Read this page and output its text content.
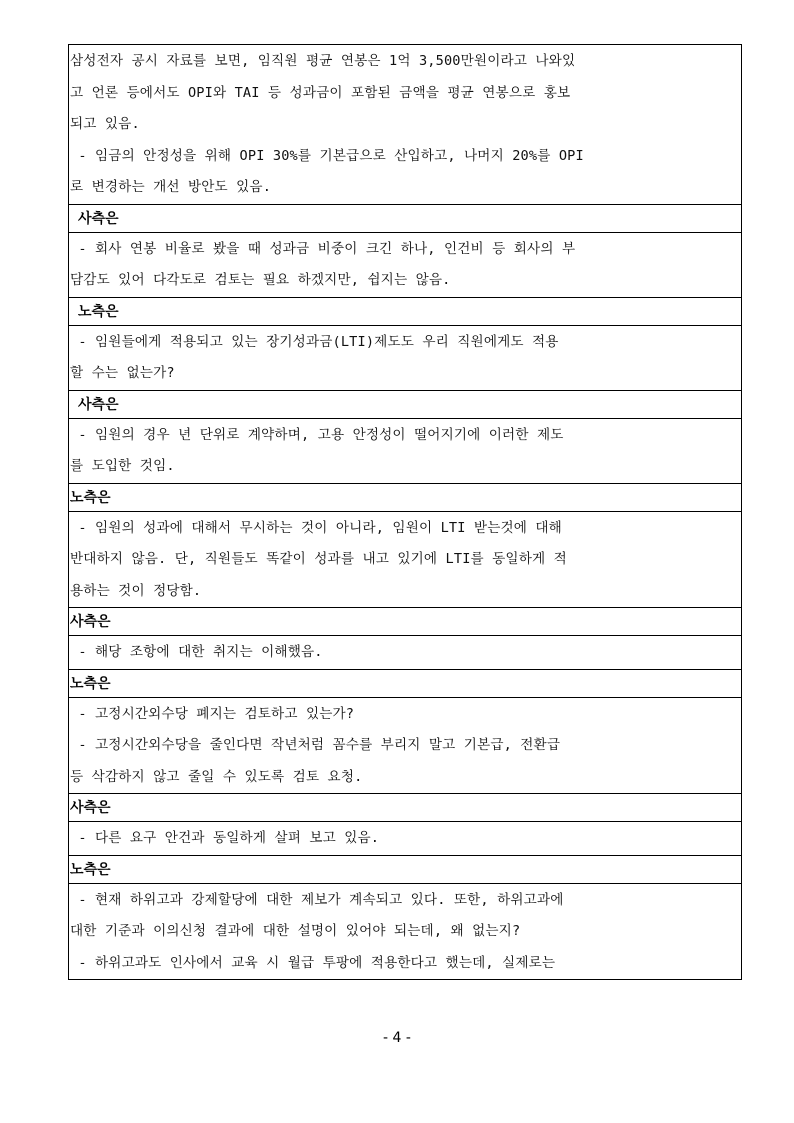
삼성전자 공시 자료를 보면, 임직원 평균 연봉은 1억 3,500만원이라고 나와있
고 언론 등에서도 OPI와 TAI 등 성과금이 포함된 금액을 평균 연봉으로 홍보
되고 있음.
- 임금의 안정성을 위해 OPI 30%를 기본급으로 산입하고, 나머지 20%를 OPI
로 변경하는 개선 방안도 있음.
사측은
- 회사 연봉 비율로 봤을 때 성과금 비중이 크긴 하나, 인건비 등 회사의 부
담감도 있어 다각도로 검토는 필요 하겠지만, 쉽지는 않음.
노측은
- 임원들에게 적용되고 있는 장기성과금(LTI)제도도 우리 직원에게도 적용
할 수는 없는가?
사측은
- 임원의 경우 년 단위로 계약하며, 고용 안정성이 떨어지기에 이러한 제도
를 도입한 것임.
노측은
- 임원의 성과에 대해서 무시하는 것이 아니라, 임원이 LTI 받는것에 대해
반대하지 않음. 단, 직원들도 똑같이 성과를 내고 있기에 LTI를 동일하게 적
용하는 것이 정당함.
사측은
- 해당 조항에 대한 취지는 이해했음.
노측은
- 고정시간외수당 폐지는 검토하고 있는가?
- 고정시간외수당을 줄인다면 작년처럼 꼼수를 부리지 말고 기본급, 전환급
등 삭감하지 않고 줄일 수 있도록 검토 요청.
사측은
- 다른 요구 안건과 동일하게 살펴 보고 있음.
노측은
- 현재 하위고과 강제할당에 대한 제보가 계속되고 있다. 또한, 하위고과에
대한 기준과 이의신청 결과에 대한 설명이 있어야 되는데, 왜 없는지?
- 하위고과도 인사에서 교육 시 월급 투팡에 적용한다고 했는데, 실제로는
- 4 -
